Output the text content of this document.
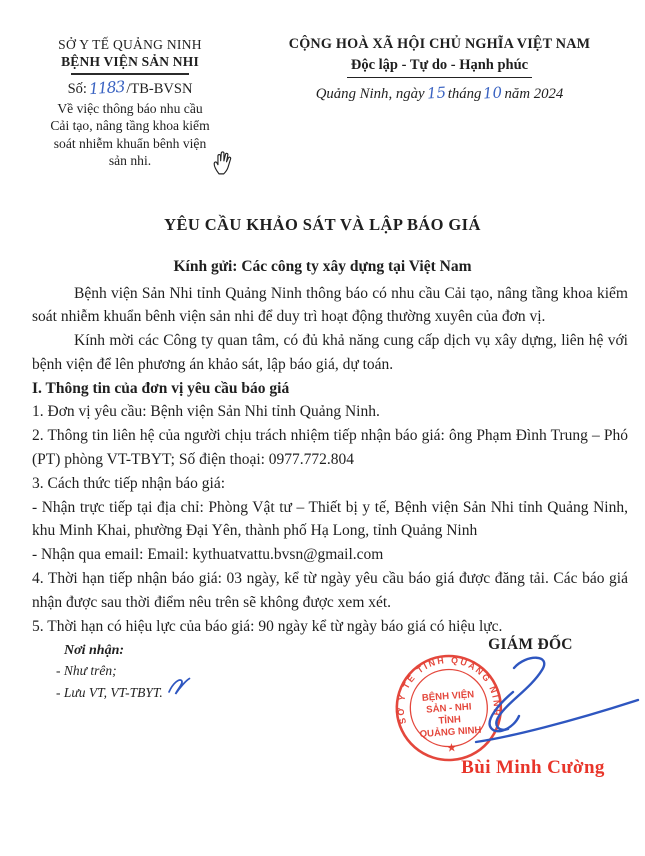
SỞ Y TẾ QUẢNG NINH
BỆNH VIỆN SẢN NHI
Số:1183/TB-BVSN
Về việc thông báo nhu cầu
Cải tạo, nâng tầng khoa kiểm
soát nhiễm khuẩn bênh viện
sản nhi.
CỘNG HOÀ XÃ HỘI CHỦ NGHĨA VIỆT NAM
Độc lập - Tự do - Hạnh phúc
Quảng Ninh, ngày15tháng10năm 2024
YÊU CẦU KHẢO SÁT VÀ LẬP BÁO GIÁ
Kính gửi: Các công ty xây dựng tại Việt Nam
Bệnh viện Sản Nhi tỉnh Quảng Ninh thông báo có nhu cầu Cải tạo, nâng tầng khoa kiểm soát nhiễm khuẩn bênh viện sản nhi để duy trì hoạt động thường xuyên của đơn vị.
Kính mời các Công ty quan tâm, có đủ khả năng cung cấp dịch vụ xây dựng, liên hệ với bệnh viện để lên phương án khảo sát, lập báo giá, dự toán.
I. Thông tin của đơn vị yêu cầu báo giá
1. Đơn vị yêu cầu: Bệnh viện Sản Nhi tỉnh Quảng Ninh.
2. Thông tin liên hệ của người chịu trách nhiệm tiếp nhận báo giá: ông Phạm Đình Trung – Phó (PT) phòng VT-TBYT; Số điện thoại: 0977.772.804
3. Cách thức tiếp nhận báo giá:
- Nhận trực tiếp tại địa chỉ: Phòng Vật tư – Thiết bị y tế, Bệnh viện Sản Nhi tỉnh Quảng Ninh, khu Minh Khai, phường Đại Yên, thành phố Hạ Long, tỉnh Quảng Ninh
- Nhận qua email: Email: kythuatvattu.bvsn@gmail.com
4. Thời hạn tiếp nhận báo giá: 03 ngày, kể từ ngày yêu cầu báo giá được đăng tải. Các báo giá nhận được sau thời điểm nêu trên sẽ không được xem xét.
5. Thời hạn có hiệu lực của báo giá: 90 ngày kể từ ngày báo giá có hiệu lực.
GIÁM ĐỐC
Nơi nhận:
- Như trên;
- Lưu VT, VT-TBYT.
SỞ Y TẾ TỈNH QUẢNG NINH
BỆNH VIỆN
SẢN - NHI
TỈNH
QUẢNG NINH
★
Bùi Minh Cường
